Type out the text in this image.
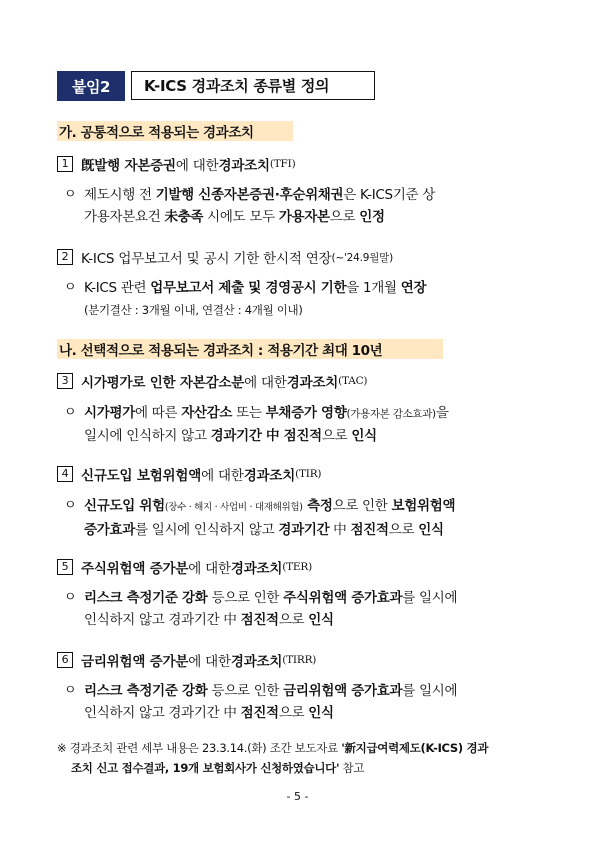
붙임2	K-ICS 경과조치 종류별 정의
가. 공통적으로 적용되는 경과조치
1 旣발행 자본증권 에 대한 경과조치 (TFI)
ㅇ 제도시행 전 기발행 신종자본증권·후순위채권은 K-ICS기준 상
가용자본요건 未충족 시에도 모두 가용자본으로 인정
2 K-ICS 업무보고서 및 공시 기한 한시적 연장 (~'24.9월말)
ㅇ K-ICS 관련 업무보고서 제출 및 경영공시 기한을 1개월 연장
(분기결산 : 3개월 이내, 연결산 : 4개월 이내)
나. 선택적으로 적용되는 경과조치 : 적용기간 최대 10년
3 시가평가로 인한 자본감소분 에 대한 경과조치 (TAC)
ㅇ 시가평가에 따른 자산감소 또는 부채증가 영향(가용자본 감소효과)을
일시에 인식하지 않고 경과기간 中 점진적으로 인식
4 신규도입 보험위험액 에 대한 경과조치 (TIR)
ㅇ 신규도입 위험(장수 · 해지 · 사업비 · 대재해위험) 측정으로 인한 보험위험액
증가효과를 일시에 인식하지 않고 경과기간 中 점진적으로 인식
5 주식위험액 증가분 에 대한 경과조치 (TER)
ㅇ 리스크 측정기준 강화 등으로 인한 주식위험액 증가효과를 일시에
인식하지 않고 경과기간 中 점진적으로 인식
6 금리위험액 증가분 에 대한 경과조치 (TIRR)
ㅇ 리스크 측정기준 강화 등으로 인한 금리위험액 증가효과를 일시에
인식하지 않고 경과기간 中 점진적으로 인식
※ 경과조치 관련 세부 내용은 23.3.14.(화) 조간 보도자료 '新지급여력제도(K-ICS) 경과
조치 신고 접수결과, 19개 보험회사가 신청하였습니다' 참고
- 5 -
